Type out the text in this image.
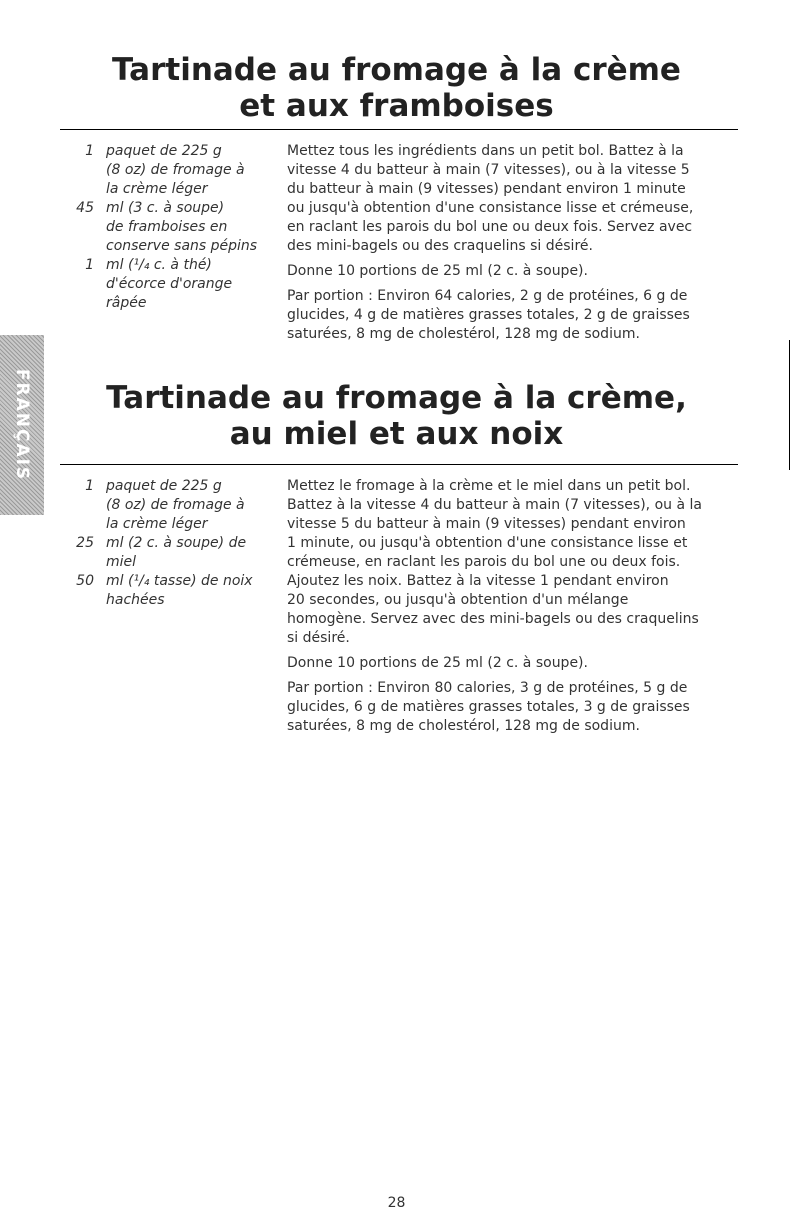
FRANÇAIS
Tartinade au fromage à la crème
et aux framboises
1 paquet de 225 g
(8 oz) de fromage à
la crème léger
45 ml (3 c. à soupe)
de framboises en
conserve sans pépins
1 ml (¹/₄ c. à thé)
d'écorce d'orange
râpée

Mettez tous les ingrédients dans un petit bol. Battez à la
vitesse 4 du batteur à main (7 vitesses), ou à la vitesse 5
du batteur à main (9 vitesses) pendant environ 1 minute
ou jusqu'à obtention d'une consistance lisse et crémeuse,
en raclant les parois du bol une ou deux fois. Servez avec
des mini-bagels ou des craquelins si désiré.

Donne 10 portions de 25 ml (2 c. à soupe).

Par portion : Environ 64 calories, 2 g de protéines, 6 g de
glucides, 4 g de matières grasses totales, 2 g de graisses
saturées, 8 mg de cholestérol, 128 mg de sodium.

Tartinade au fromage à la crème,
au miel et aux noix
1 paquet de 225 g
(8 oz) de fromage à
la crème léger
25 ml (2 c. à soupe) de
miel
50 ml (¹/₄ tasse) de noix
hachées

Mettez le fromage à la crème et le miel dans un petit bol.
Battez à la vitesse 4 du batteur à main (7 vitesses), ou à la
vitesse 5 du batteur à main (9 vitesses) pendant environ
1 minute, ou jusqu'à obtention d'une consistance lisse et
crémeuse, en raclant les parois du bol une ou deux fois.
Ajoutez les noix. Battez à la vitesse 1 pendant environ
20 secondes, ou jusqu'à obtention d'un mélange
homogène. Servez avec des mini-bagels ou des craquelins
si désiré.

Donne 10 portions de 25 ml (2 c. à soupe).

Par portion : Environ 80 calories, 3 g de protéines, 5 g de
glucides, 6 g de matières grasses totales, 3 g de graisses
saturées, 8 mg de cholestérol, 128 mg de sodium.

28
